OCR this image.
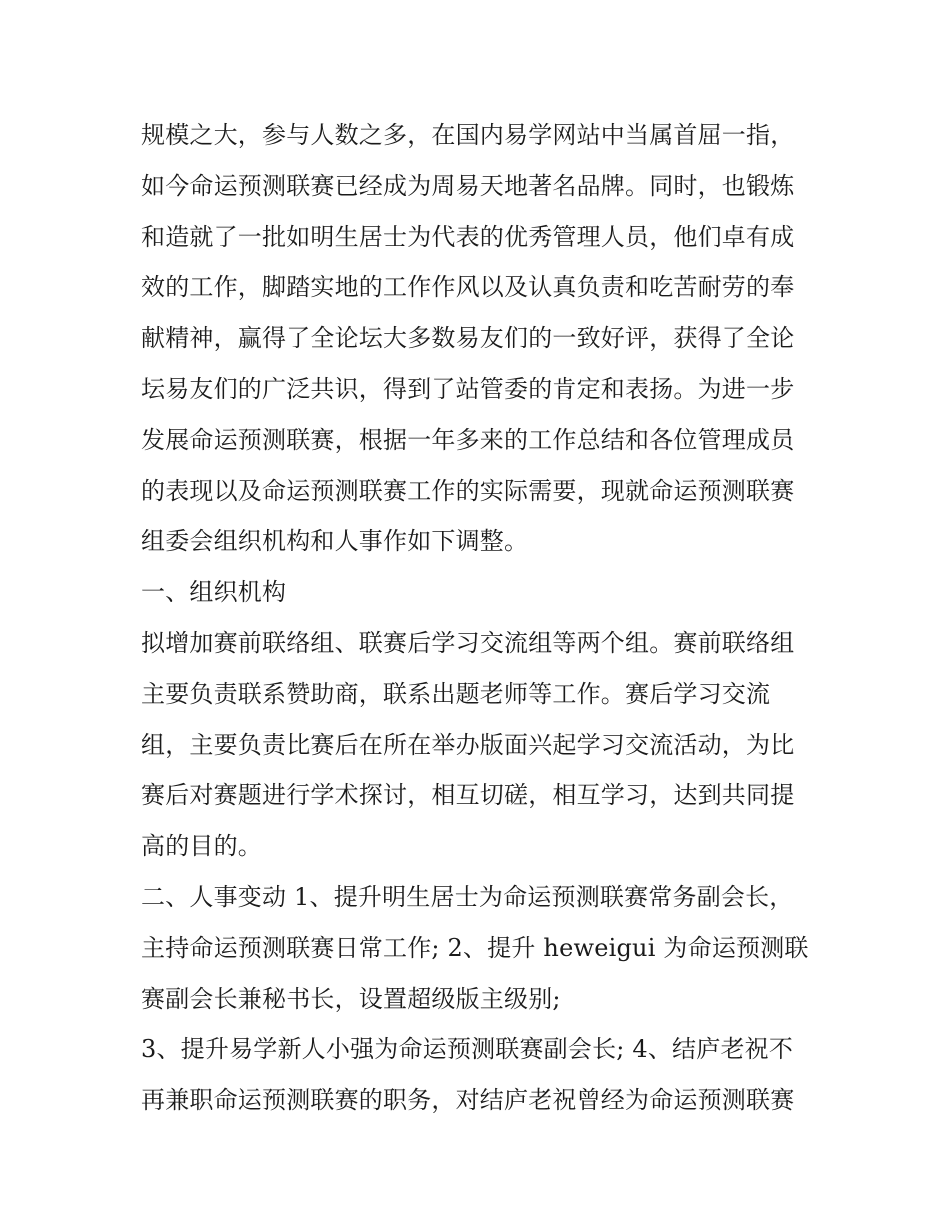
规模之大，参与人数之多，在国内易学网站中当属首屈一指，
如今命运预测联赛已经成为周易天地著名品牌。同时，也锻炼
和造就了一批如明生居士为代表的优秀管理人员，他们卓有成
效的工作，脚踏实地的工作作风以及认真负责和吃苦耐劳的奉
献精神，赢得了全论坛大多数易友们的一致好评，获得了全论
坛易友们的广泛共识，得到了站管委的肯定和表扬。为进一步
发展命运预测联赛，根据一年多来的工作总结和各位管理成员
的表现以及命运预测联赛工作的实际需要，现就命运预测联赛
组委会组织机构和人事作如下调整。
一、组织机构
拟增加赛前联络组、联赛后学习交流组等两个组。赛前联络组
主要负责联系赞助商，联系出题老师等工作。赛后学习交流
组，主要负责比赛后在所在举办版面兴起学习交流活动，为比
赛后对赛题进行学术探讨，相互切磋，相互学习，达到共同提
高的目的。
二、人事变动 1、提升明生居士为命运预测联赛常务副会长，
主持命运预测联赛日常工作; 2、提升 heweigui 为命运预测联
赛副会长兼秘书长，设置超级版主级别;
3、提升易学新人小强为命运预测联赛副会长; 4、结庐老祝不
再兼职命运预测联赛的职务，对结庐老祝曾经为命运预测联赛
